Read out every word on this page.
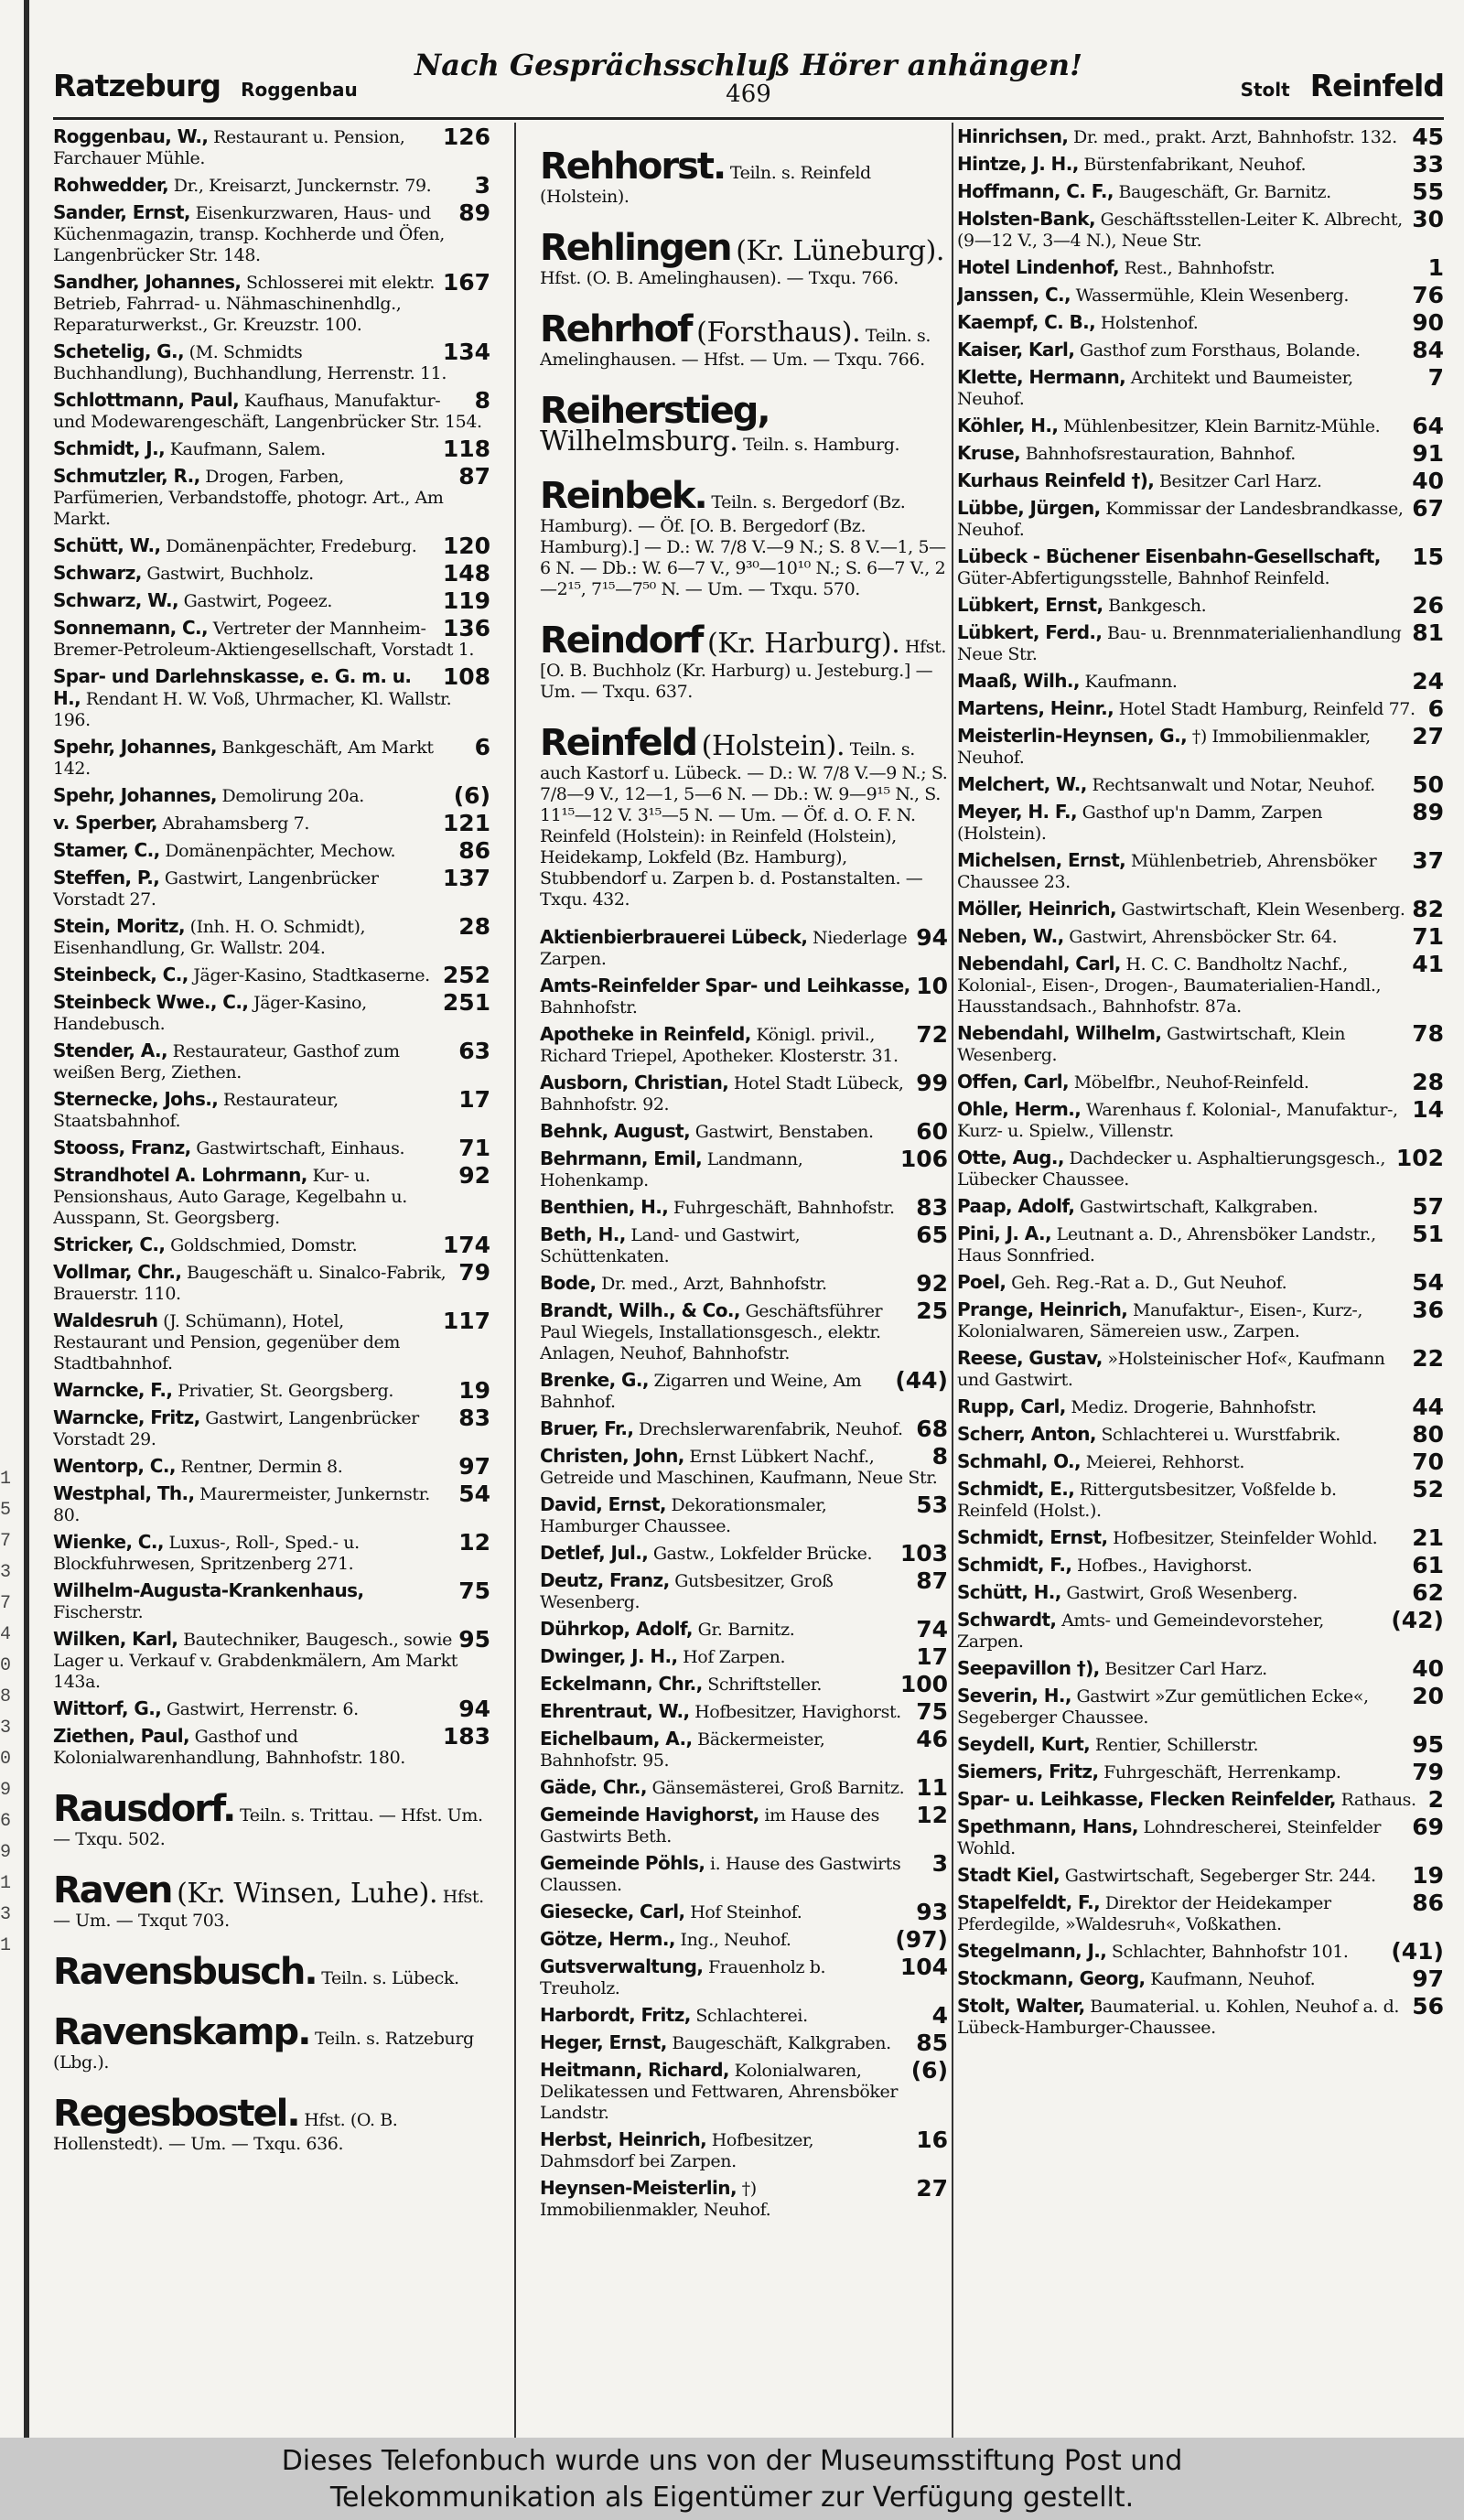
1
5
7
3
7
4
0
8
3
0
9
6
9
1
3
1
Ratzeburg Roggenbau
Nach Gesprächsschluß Hörer anhängen!
469	Stolt Reinfeld
126
Roggenbau, W., Restaurant u. Pension, Farchauer Mühle.
3
Rohwedder, Dr., Kreisarzt, Junckernstr. 79.
89
Sander, Ernst, Eisenkurzwaren, Haus- und Küchenmagazin, transp. Kochherde und Öfen, Langenbrücker Str. 148.
167
Sandher, Johannes, Schlosserei mit elektr. Betrieb, Fahrrad- u. Nähmaschinenhdlg., Reparaturwerkst., Gr. Kreuzstr. 100.
134
Schetelig, G., (M. Schmidts Buchhandlung), Buchhandlung, Herrenstr. 11.
8
Schlottmann, Paul, Kaufhaus, Manufaktur- und Modewarengeschäft, Langenbrücker Str. 154.
118
Schmidt, J., Kaufmann, Salem.
87
Schmutzler, R., Drogen, Farben, Parfümerien, Verbandstoffe, photogr. Art., Am Markt.
120
Schütt, W., Domänenpächter, Fredeburg.
148
Schwarz, Gastwirt, Buchholz.
119
Schwarz, W., Gastwirt, Pogeez.
136
Sonnemann, C., Vertreter der Mannheim-Bremer-Petroleum-Aktiengesellschaft, Vorstadt 1.
108
Spar- und Darlehnskasse, e. G. m. u. H., Rendant H. W. Voß, Uhrmacher, Kl. Wallstr. 196.
6
Spehr, Johannes, Bankgeschäft, Am Markt 142.
(6)
Spehr, Johannes, Demolirung 20a.
121
v. Sperber, Abrahamsberg 7.
86
Stamer, C., Domänenpächter, Mechow.
137
Steffen, P., Gastwirt, Langenbrücker Vorstadt 27.
28
Stein, Moritz, (Inh. H. O. Schmidt), Eisenhandlung, Gr. Wallstr. 204.
252
Steinbeck, C., Jäger-Kasino, Stadtkaserne.
251
Steinbeck Wwe., C., Jäger-Kasino, Handebusch.
63
Stender, A., Restaurateur, Gasthof zum weißen Berg, Ziethen.
17
Sternecke, Johs., Restaurateur, Staatsbahnhof.
71
Stooss, Franz, Gastwirtschaft, Einhaus.
92
Strandhotel A. Lohrmann, Kur- u. Pensionshaus, Auto Garage, Kegelbahn u. Ausspann, St. Georgsberg.
174
Stricker, C., Goldschmied, Domstr.
79
Vollmar, Chr., Baugeschäft u. Sinalco-Fabrik, Brauerstr. 110.
117
Waldesruh (J. Schümann), Hotel, Restaurant und Pension, gegenüber dem Stadtbahnhof.
19
Warncke, F., Privatier, St. Georgsberg.
83
Warncke, Fritz, Gastwirt, Langenbrücker Vorstadt 29.
97
Wentorp, C., Rentner, Dermin 8.
54
Westphal, Th., Maurermeister, Junkernstr. 80.
12
Wienke, C., Luxus-, Roll-, Sped.- u. Blockfuhrwesen, Spritzenberg 271.
75
Wilhelm-Augusta-Krankenhaus, Fischerstr.
95
Wilken, Karl, Bautechniker, Baugesch., sowie Lager u. Verkauf v. Grabdenkmälern, Am Markt 143a.
94
Wittorf, G., Gastwirt, Herrenstr. 6.
183
Ziethen, Paul, Gasthof und Kolonialwarenhandlung, Bahnhofstr. 180.
Rausdorf. Teiln. s. Trittau. — Hfst. Um. — Txqu. 502.
Raven (Kr. Winsen, Luhe). Hfst. — Um. — Txqut 703.
Ravensbusch. Teiln. s. Lübeck.
Ravenskamp. Teiln. s. Ratzeburg (Lbg.).
Regesbostel. Hfst. (O. B. Hollenstedt). — Um. — Txqu. 636.
Rehhorst. Teiln. s. Reinfeld (Holstein).
Rehlingen (Kr. Lüneburg). Hfst. (O. B. Amelinghausen). — Txqu. 766.
Rehrhof (Forsthaus). Teiln. s. Amelinghausen. — Hfst. — Um. — Txqu. 766.
Reiherstieg, Wilhelmsburg. Teiln. s. Hamburg.
Reinbek. Teiln. s. Bergedorf (Bz. Hamburg). — Öf. [O. B. Bergedorf (Bz. Hamburg).] — D.: W. 7/8 V.—9 N.; S. 8 V.—1, 5—6 N. — Db.: W. 6—7 V., 9³⁰—10¹⁰ N.; S. 6—7 V., 2—2¹⁵, 7¹⁵—7⁵⁰ N. — Um. — Txqu. 570.
Reindorf (Kr. Harburg). Hfst. [O. B. Buchholz (Kr. Harburg) u. Jesteburg.] — Um. — Txqu. 637.
Reinfeld (Holstein). Teiln. s. auch Kastorf u. Lübeck. — D.: W. 7/8 V.—9 N.; S. 7/8—9 V., 12—1, 5—6 N. — Db.: W. 9—9¹⁵ N., S. 11¹⁵—12 V. 3¹⁵—5 N. — Um. — Öf. d. O. F. N. Reinfeld (Holstein): in Reinfeld (Holstein), Heidekamp, Lokfeld (Bz. Hamburg), Stubbendorf u. Zarpen b. d. Postanstalten. — Txqu. 432.
94
Aktienbierbrauerei Lübeck, Niederlage Zarpen.
10
Amts-Reinfelder Spar- und Leihkasse, Bahnhofstr.
72
Apotheke in Reinfeld, Königl. privil., Richard Triepel, Apotheker. Klosterstr. 31.
99
Ausborn, Christian, Hotel Stadt Lübeck, Bahnhofstr. 92.
60
Behnk, August, Gastwirt, Benstaben.
106
Behrmann, Emil, Landmann, Hohenkamp.
83
Benthien, H., Fuhrgeschäft, Bahnhofstr.
65
Beth, H., Land- und Gastwirt, Schüttenkaten.
92
Bode, Dr. med., Arzt, Bahnhofstr.
25
Brandt, Wilh., & Co., Geschäftsführer Paul Wiegels, Installationsgesch., elektr. Anlagen, Neuhof, Bahnhofstr.
(44)
Brenke, G., Zigarren und Weine, Am Bahnhof.
68
Bruer, Fr., Drechslerwarenfabrik, Neuhof.
8
Christen, John, Ernst Lübkert Nachf., Getreide und Maschinen, Kaufmann, Neue Str.
53
David, Ernst, Dekorationsmaler, Hamburger Chaussee.
103
Detlef, Jul., Gastw., Lokfelder Brücke.
87
Deutz, Franz, Gutsbesitzer, Groß Wesenberg.
74
Dührkop, Adolf, Gr. Barnitz.
17
Dwinger, J. H., Hof Zarpen.
100
Eckelmann, Chr., Schriftsteller.
75
Ehrentraut, W., Hofbesitzer, Havighorst.
46
Eichelbaum, A., Bäckermeister, Bahnhofstr. 95.
11
Gäde, Chr., Gänsemästerei, Groß Barnitz.
12
Gemeinde Havighorst, im Hause des Gastwirts Beth.
3
Gemeinde Pöhls, i. Hause des Gastwirts Claussen.
93
Giesecke, Carl, Hof Steinhof.
(97)
Götze, Herm., Ing., Neuhof.
104
Gutsverwaltung, Frauenholz b. Treuholz.
4
Harbordt, Fritz, Schlachterei.
85
Heger, Ernst, Baugeschäft, Kalkgraben.
(6)
Heitmann, Richard, Kolonialwaren, Delikatessen und Fettwaren, Ahrensböker Landstr.
16
Herbst, Heinrich, Hofbesitzer, Dahmsdorf bei Zarpen.
27
Heynsen-Meisterlin, †) Immobilienmakler, Neuhof.
45
Hinrichsen, Dr. med., prakt. Arzt, Bahnhofstr. 132.
33
Hintze, J. H., Bürstenfabrikant, Neuhof.
55
Hoffmann, C. F., Baugeschäft, Gr. Barnitz.
30
Holsten-Bank, Geschäftsstellen-Leiter K. Albrecht, (9—12 V., 3—4 N.), Neue Str.
1
Hotel Lindenhof, Rest., Bahnhofstr.
76
Janssen, C., Wassermühle, Klein Wesenberg.
90
Kaempf, C. B., Holstenhof.
84
Kaiser, Karl, Gasthof zum Forsthaus, Bolande.
7
Klette, Hermann, Architekt und Baumeister, Neuhof.
64
Köhler, H., Mühlenbesitzer, Klein Barnitz-Mühle.
91
Kruse, Bahnhofsrestauration, Bahnhof.
40
Kurhaus Reinfeld †), Besitzer Carl Harz.
67
Lübbe, Jürgen, Kommissar der Landesbrandkasse, Neuhof.
15
Lübeck - Büchener Eisenbahn-Gesellschaft, Güter-Abfertigungsstelle, Bahnhof Reinfeld.
26
Lübkert, Ernst, Bankgesch.
81
Lübkert, Ferd., Bau- u. Brennmaterialienhandlung Neue Str.
24
Maaß, Wilh., Kaufmann.
6
Martens, Heinr., Hotel Stadt Hamburg, Reinfeld 77.
27
Meisterlin-Heynsen, G., †) Immobilienmakler, Neuhof.
50
Melchert, W., Rechtsanwalt und Notar, Neuhof.
89
Meyer, H. F., Gasthof up'n Damm, Zarpen (Holstein).
37
Michelsen, Ernst, Mühlenbetrieb, Ahrensböker Chaussee 23.
82
Möller, Heinrich, Gastwirtschaft, Klein Wesenberg.
71
Neben, W., Gastwirt, Ahrensböcker Str. 64.
41
Nebendahl, Carl, H. C. C. Bandholtz Nachf., Kolonial-, Eisen-, Drogen-, Baumaterialien-Handl., Hausstandsach., Bahnhofstr. 87a.
78
Nebendahl, Wilhelm, Gastwirtschaft, Klein Wesenberg.
28
Offen, Carl, Möbelfbr., Neuhof-Reinfeld.
14
Ohle, Herm., Warenhaus f. Kolonial-, Manufaktur-, Kurz- u. Spielw., Villenstr.
102
Otte, Aug., Dachdecker u. Asphaltierungsgesch., Lübecker Chaussee.
57
Paap, Adolf, Gastwirtschaft, Kalkgraben.
51
Pini, J. A., Leutnant a. D., Ahrensböker Landstr., Haus Sonnfried.
54
Poel, Geh. Reg.-Rat a. D., Gut Neuhof.
36
Prange, Heinrich, Manufaktur-, Eisen-, Kurz-, Kolonialwaren, Sämereien usw., Zarpen.
22
Reese, Gustav, »Holsteinischer Hof«, Kaufmann und Gastwirt.
44
Rupp, Carl, Mediz. Drogerie, Bahnhofstr.
80
Scherr, Anton, Schlachterei u. Wurstfabrik.
70
Schmahl, O., Meierei, Rehhorst.
52
Schmidt, E., Rittergutsbesitzer, Voßfelde b. Reinfeld (Holst.).
21
Schmidt, Ernst, Hofbesitzer, Steinfelder Wohld.
61
Schmidt, F., Hofbes., Havighorst.
62
Schütt, H., Gastwirt, Groß Wesenberg.
(42)
Schwardt, Amts- und Gemeindevorsteher, Zarpen.
40
Seepavillon †), Besitzer Carl Harz.
20
Severin, H., Gastwirt »Zur gemütlichen Ecke«, Segeberger Chaussee.
95
Seydell, Kurt, Rentier, Schillerstr.
79
Siemers, Fritz, Fuhrgeschäft, Herrenkamp.
2
Spar- u. Leihkasse, Flecken Reinfelder, Rathaus.
69
Spethmann, Hans, Lohndrescherei, Steinfelder Wohld.
19
Stadt Kiel, Gastwirtschaft, Segeberger Str. 244.
86
Stapelfeldt, F., Direktor der Heidekamper Pferdegilde, »Waldesruh«, Voßkathen.
(41)
Stegelmann, J., Schlachter, Bahnhofstr 101.
97
Stockmann, Georg, Kaufmann, Neuhof.
56
Stolt, Walter, Baumaterial. u. Kohlen, Neuhof a. d. Lübeck-Hamburger-Chaussee.
Dieses Telefonbuch wurde uns von der Museumsstiftung Post und
Telekommunikation als Eigentümer zur Verfügung gestellt.
